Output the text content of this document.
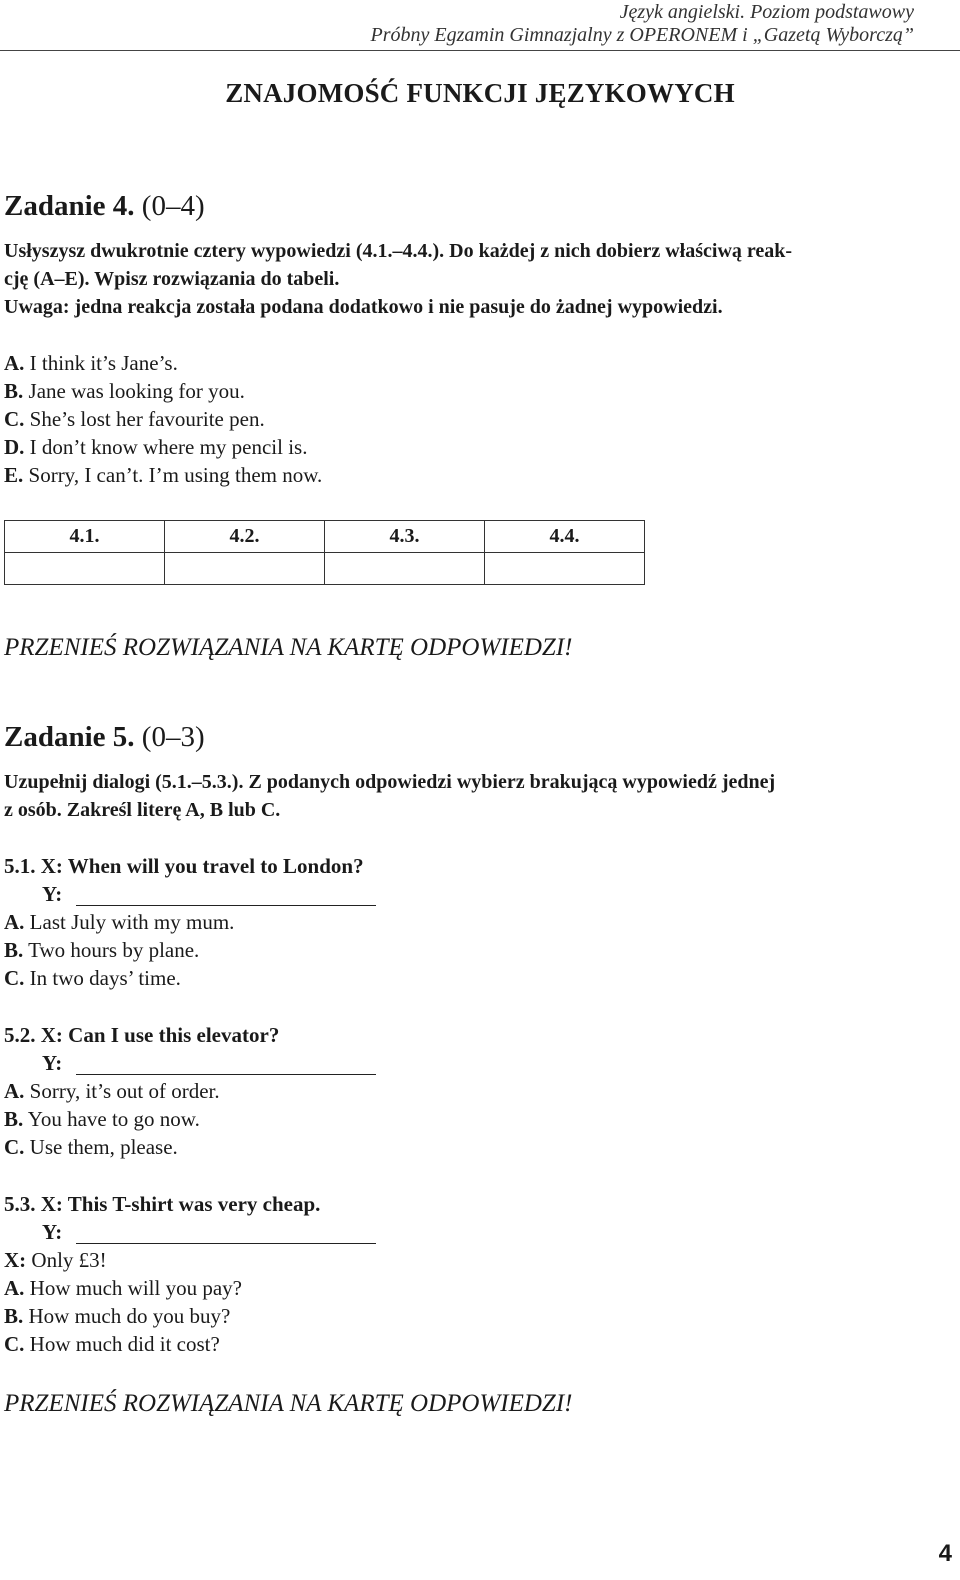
Język angielski. Poziom podstawowy
Próbny Egzamin Gimnazjalny z OPERONEM i „Gazetą Wyborczą”
ZNAJOMOŚĆ FUNKCJI JĘZYKOWYCH
Zadanie 4. (0–4)
Usłyszysz dwukrotnie cztery wypowiedzi (4.1.–4.4.). Do każdej z nich dobierz właściwą reak-
cję (A–E). Wpisz rozwiązania do tabeli.
Uwaga: jedna reakcja została podana dodatkowo i nie pasuje do żadnej wypowiedzi.
A. I think it’s Jane’s.
B. Jane was looking for you.
C. She’s lost her favourite pen.
D. I don’t know where my pencil is.
E. Sorry, I can’t. I’m using them now.
4.1.	4.2.	4.3.	4.4.

PRZENIEŚ ROZWIĄZANIA NA KARTĘ ODPOWIEDZI!
Zadanie 5. (0–3)
Uzupełnij dialogi (5.1.–5.3.). Z podanych odpowiedzi wybierz brakującą wypowiedź jednej
z osób. Zakreśl literę A, B lub C.
5.1. X: When will you travel to London?
Y:
A. Last July with my mum.
B. Two hours by plane.
C. In two days’ time.
5.2. X: Can I use this elevator?
Y:
A. Sorry, it’s out of order.
B. You have to go now.
C. Use them, please.
5.3. X: This T-shirt was very cheap.
Y:
X: Only £3!
A. How much will you pay?
B. How much do you buy?
C. How much did it cost?
PRZENIEŚ ROZWIĄZANIA NA KARTĘ ODPOWIEDZI!
4
